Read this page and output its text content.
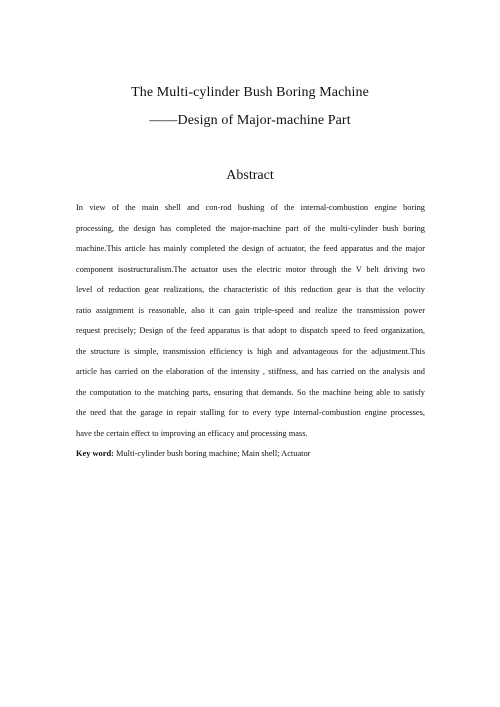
The Multi-cylinder Bush Boring Machine
——Design of Major-machine Part
Abstract
In view of the main shell and con-rod bushing of the internal-combustion engine boring
processing, the design has completed the major-machine part of the multi-cylinder bush boring
machine.This article has mainly completed the design of actuator, the feed apparatus and the major
component isostructuralism.The actuator uses the electric motor through the V belt driving two
level of reduction gear realizations, the characteristic of this reduction gear is that the velocity
ratio assignment is reasonable, also it can gain triple-speed and realize the transmission power
request precisely; Design of the feed apparatus is that adopt to dispatch speed to feed organization,
the structure is simple, transmission efficiency is high and advantageous for the adjustment.This
article has carried on the elaboration of the intensity , stiffness, and has carried on the analysis and
the computation to the matching parts, ensuring that demands. So the machine being able to satisfy
the need that the garage in repair stalling for to every type internal-combustion engine processes,
have the certain effect to improving an efficacy and processing mass.
Key word: Multi-cylinder bush boring machine; Main shell; Actuator
